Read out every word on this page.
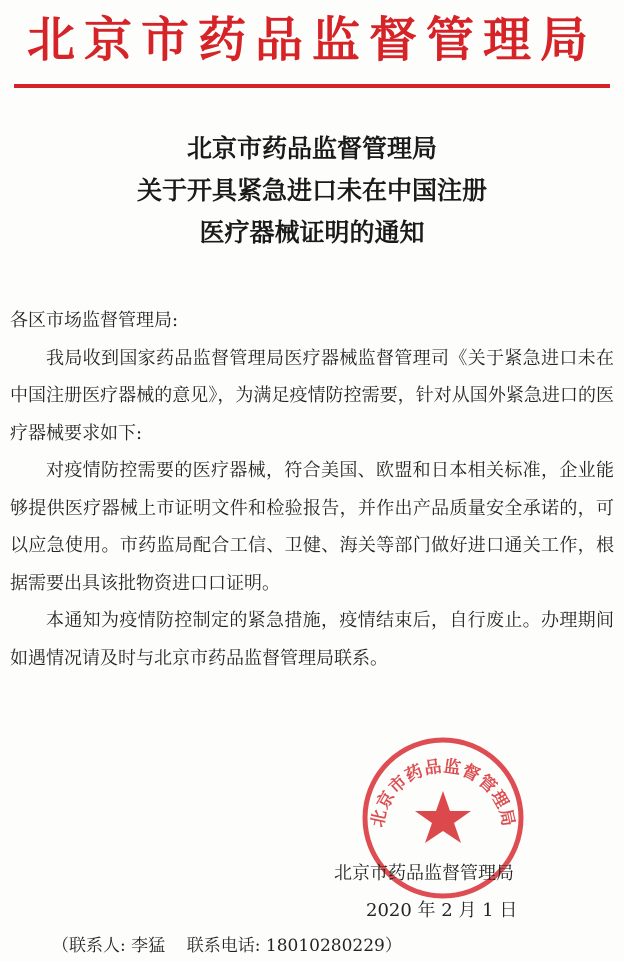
北京市药品监督管理局
北京市药品监督管理局
关于开具紧急进口未在中国注册
医疗器械证明的通知

各区市场监督管理局:

我局收到国家药品监督管理局医疗器械监督管理司《关于紧急进口未在中国注册医疗器械的意见》，为满足疫情防控需要，针对从国外紧急进口的医疗器械要求如下:

对疫情防控需要的医疗器械，符合美国、欧盟和日本相关标准，企业能够提供医疗器械上市证明文件和检验报告，并作出产品质量安全承诺的，可以应急使用。市药监局配合工信、卫健、海关等部门做好进口通关工作，根据需要出具该批物资进口口证明。

本通知为疫情防控制定的紧急措施，疫情结束后，自行废止。办理期间如遇情况请及时与北京市药品监督管理局联系。

北京市药品监督管理局
北京市药品监督管理局
2020 年 2 月 1 日
（联系人: 李猛    联系电话: 18010280229）
